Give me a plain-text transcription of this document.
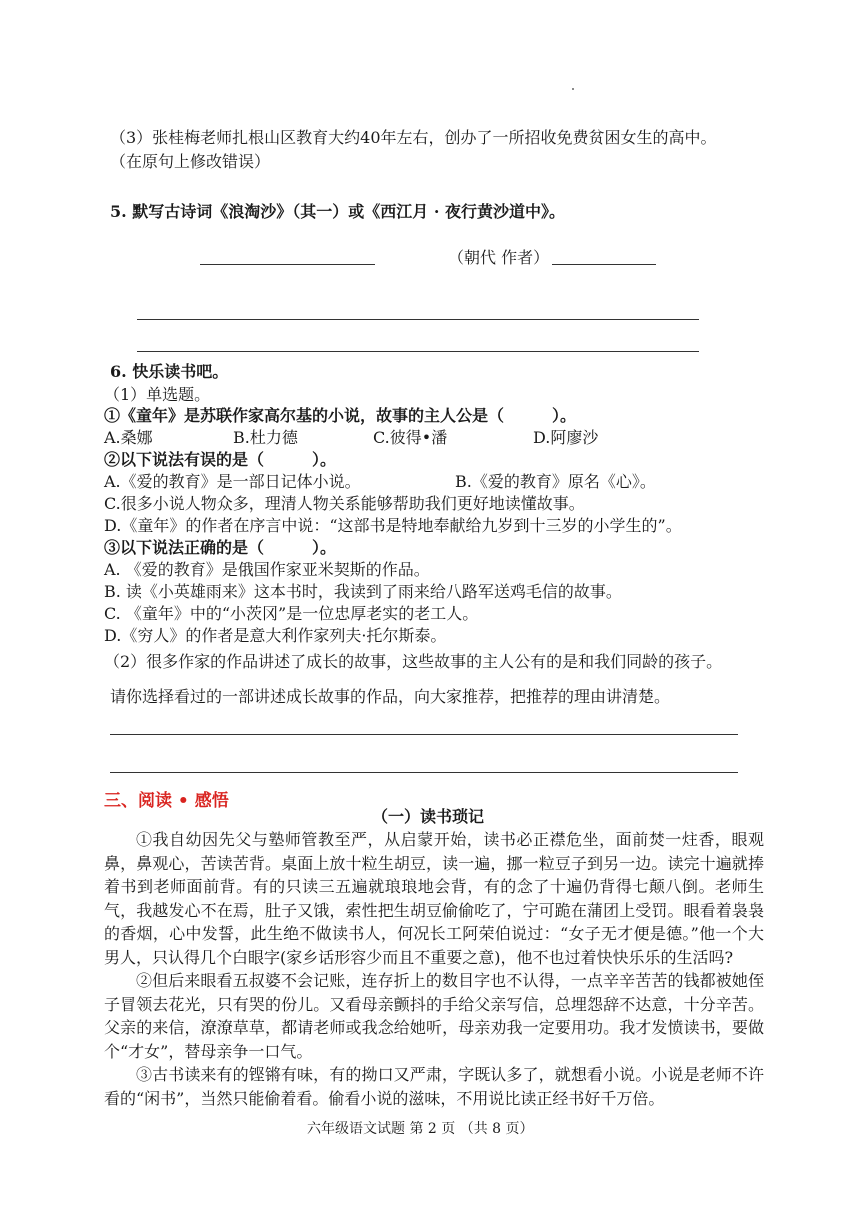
（3）张桂梅老师扎根山区教育大约40年左右，创办了一所招收免费贫困女生的高中。
（在原句上修改错误）
5. 默写古诗词《浪淘沙》（其一）或《西江月 · 夜行黄沙道中》。
（朝代 作者）
6. 快乐读书吧。
（1）单选题。
①《童年》是苏联作家高尔基的小说，故事的主人公是（　　　）。
A.桑娜	B.杜力德	C.彼得•潘	D.阿廖沙
②以下说法有误的是（　　　）。
A.《爱的教育》是一部日记体小说。	B.《爱的教育》原名《心》。
C.很多小说人物众多，理清人物关系能够帮助我们更好地读懂故事。
D.《童年》的作者在序言中说：“这部书是特地奉献给九岁到十三岁的小学生的”。
③以下说法正确的是（　　　）。
A. 《爱的教育》是俄国作家亚米契斯的作品。
B. 读《小英雄雨来》这本书时，我读到了雨来给八路军送鸡毛信的故事。
C. 《童年》中的“小茨冈”是一位忠厚老实的老工人。
D.《穷人》的作者是意大利作家列夫·托尔斯泰。
（2）很多作家的作品讲述了成长的故事，这些故事的主人公有的是和我们同龄的孩子。
请你选择看过的一部讲述成长故事的作品，向大家推荐，把推荐的理由讲清楚。
三、阅读 • 感悟
（一）读书琐记

①我自幼因先父与塾师管教至严，从启蒙开始，读书必正襟危坐，面前焚一炷香，眼观鼻，鼻观心，苦读苦背。桌面上放十粒生胡豆，读一遍，挪一粒豆子到另一边。读完十遍就捧着书到老师面前背。有的只读三五遍就琅琅地会背，有的念了十遍仍背得七颠八倒。老师生气，我越发心不在焉，肚子又饿，索性把生胡豆偷偷吃了，宁可跪在蒲团上受罚。眼看着袅袅的香烟，心中发誓，此生绝不做读书人，何况长工阿荣伯说过：“女子无才便是德。”他一个大男人，只认得几个白眼字(家乡话形容少而且不重要之意)，他不也过着快快乐乐的生活吗?

②但后来眼看五叔婆不会记账，连存折上的数目字也不认得，一点辛辛苦苦的钱都被她侄子冒领去花光，只有哭的份儿。又看母亲颤抖的手给父亲写信，总埋怨辞不达意，十分辛苦。父亲的来信，潦潦草草，都请老师或我念给她听，母亲劝我一定要用功。我才发愤读书，要做个“才女”，替母亲争一口气。

③古书读来有的铿锵有味，有的拗口又严肃，字既认多了，就想看小说。小说是老师不许看的“闲书”，当然只能偷着看。偷看小说的滋味，不用说比读正经书好千万倍。

六年级语文试题 第 2 页 （共 8 页）
